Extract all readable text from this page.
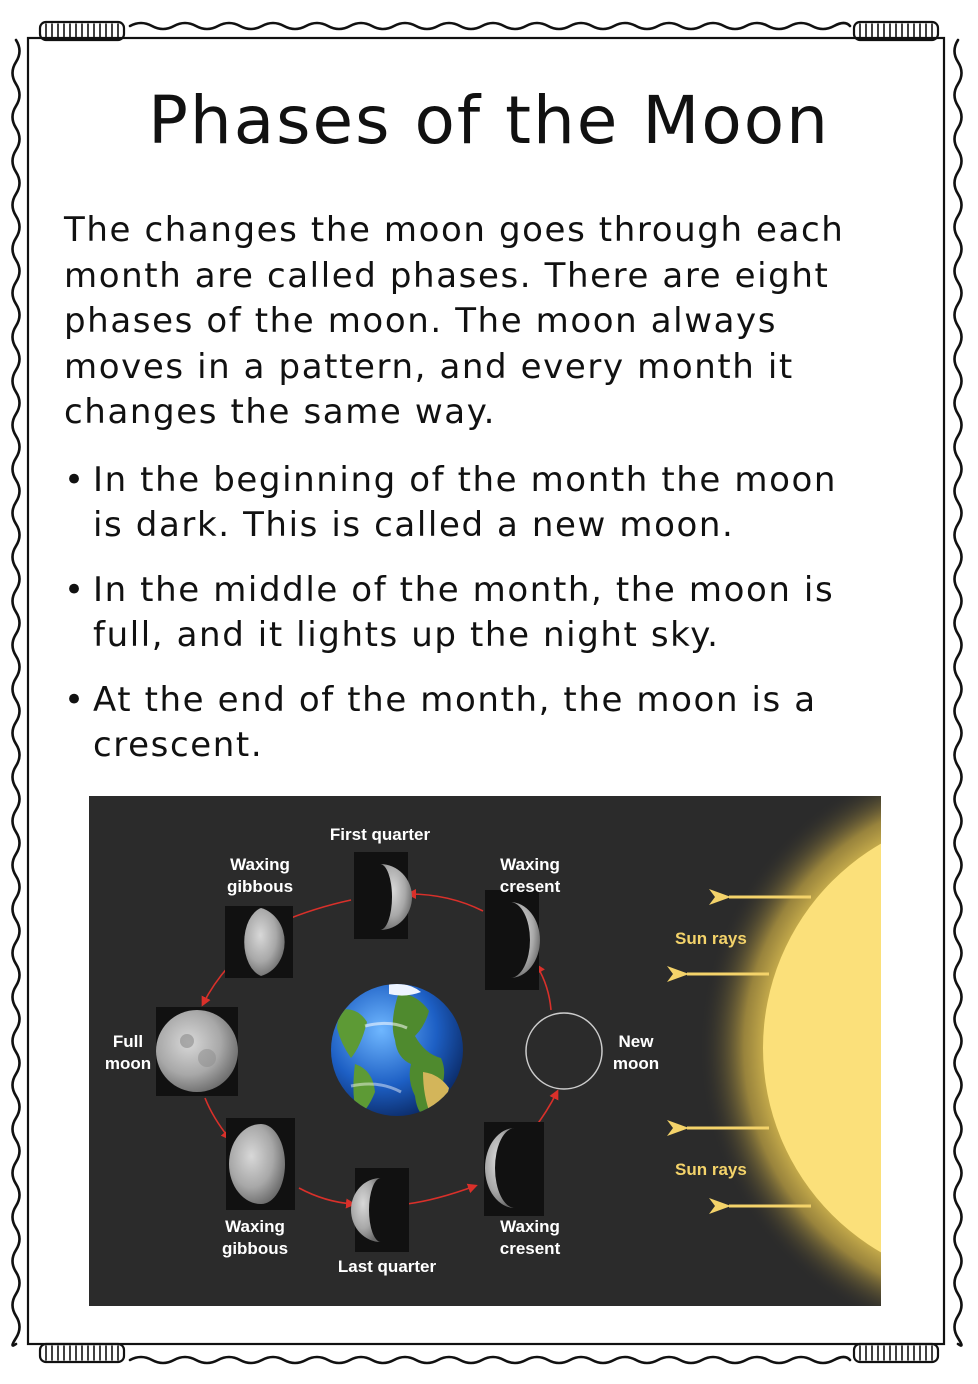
Phases of the Moon
The changes the moon goes through each
month are called phases. There are eight
phases of the moon. The moon always
moves in a pattern, and every month it
changes the same way.
• In the beginning of the month the moon
is dark. This is called a new moon.
• In the middle of the month, the moon is
full, and it lights up the night sky.
• At the end of the month, the moon is a
crescent.
Sun rays
Sun rays
First quarter
Waxing
gibbous
Waxing
cresent
Full
moon
New
moon
Waxing
gibbous
Last quarter
Waxing
cresent
